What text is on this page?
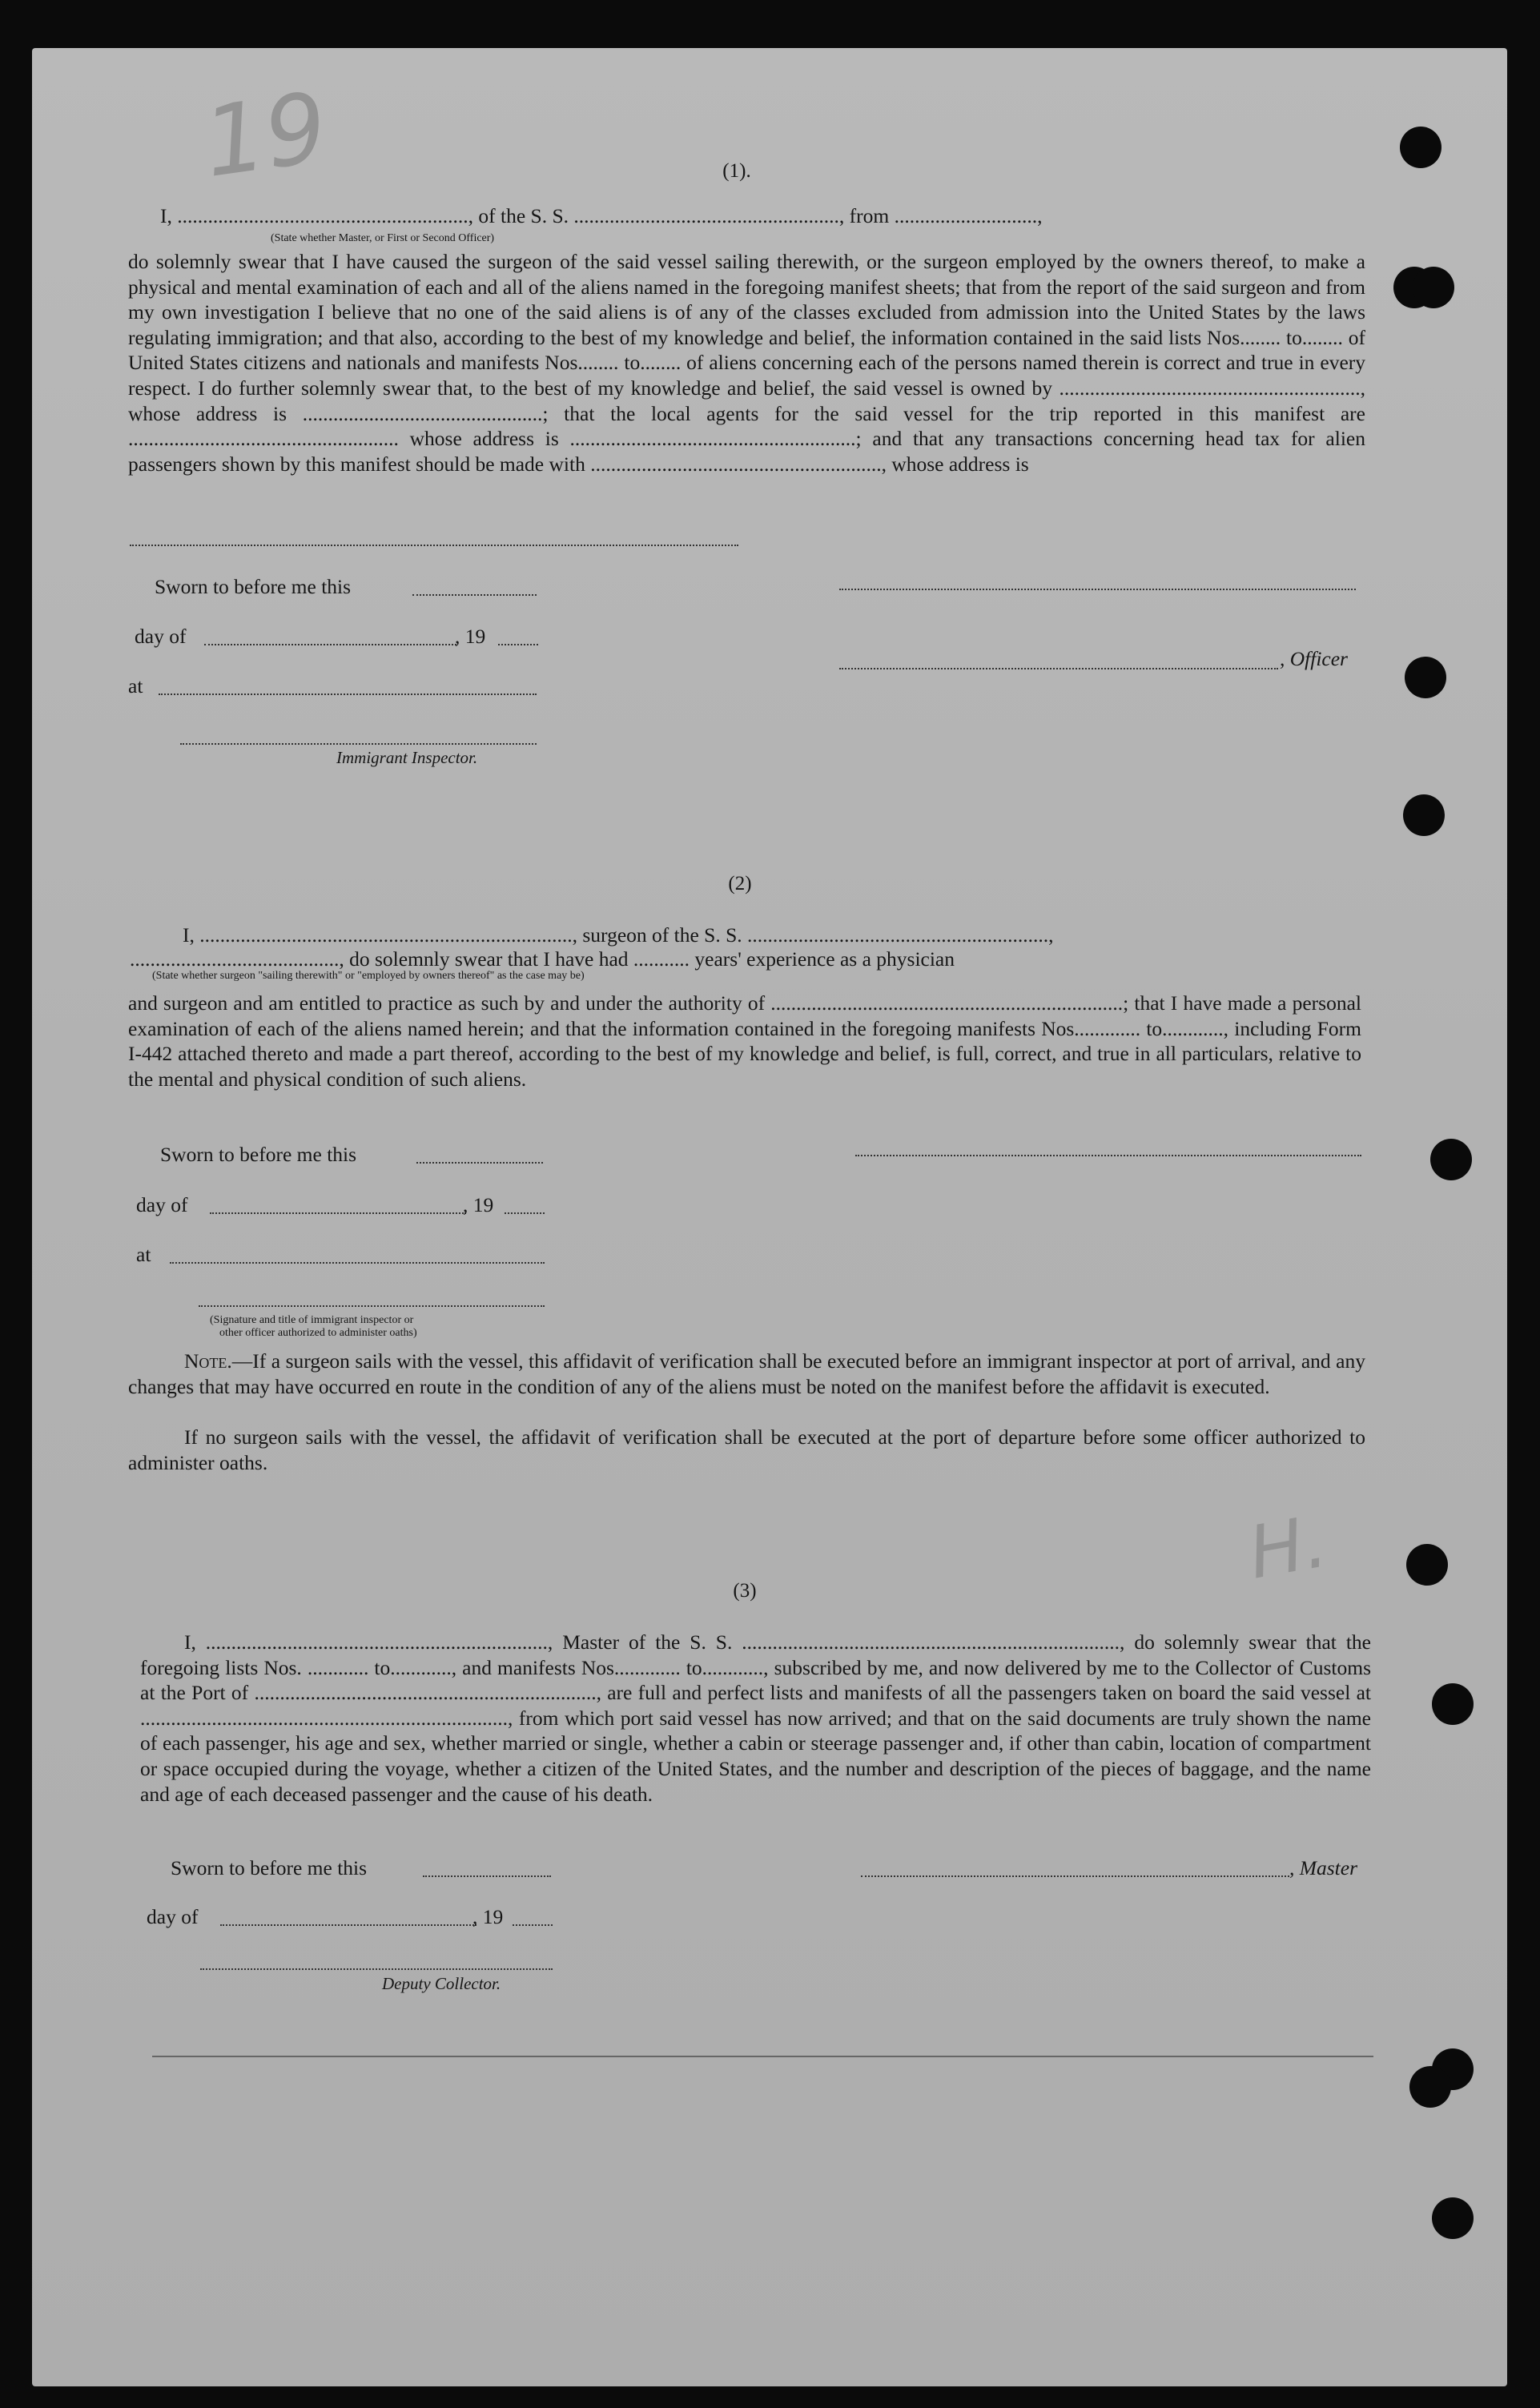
(1).

I, ........................................................., of the S. S. ...................................................., from ............................,

(State whether Master, or First or Second Officer)

do solemnly swear that I have caused the surgeon of the said vessel sailing therewith, or the surgeon employed by the owners thereof, to make a physical and mental examination of each and all of the aliens named in the foregoing manifest sheets; that from the report of the said surgeon and from my own investigation I believe that no one of the said aliens is of any of the classes excluded from admission into the United States by the laws regulating immigration; and that also, according to the best of my knowledge and belief, the information contained in the said lists Nos........ to........ of United States citizens and nationals and manifests Nos........ to........ of aliens concerning each of the persons named therein is correct and true in every respect. I do further solemnly swear that, to the best of my knowledge and belief, the said vessel is owned by ..........................................................., whose address is ...............................................; that the local agents for the said vessel for the trip reported in this manifest are ..................................................... whose address is ........................................................; and that any transactions concerning head tax for alien passengers shown by this manifest should be made with ........................................................., whose address is

Sworn to before me this

day of	, 19

, Officer

at

Immigrant Inspector.
(2)

I, ........................................................................., surgeon of the S. S. ...........................................................,

........................................., do solemnly swear that I have had ........... years' experience as a physician

(State whether surgeon "sailing therewith" or "employed by owners thereof" as the case may be)

and surgeon and am entitled to practice as such by and under the authority of .....................................................................; that I have made a personal examination of each of the aliens named herein; and that the information contained in the foregoing manifests Nos............. to............, including Form I-442 attached thereto and made a part thereof, according to the best of my knowledge and belief, is full, correct, and true in all particulars, relative to the mental and physical condition of such aliens.

Sworn to before me this

day of	, 19

at

(Signature and title of immigrant inspector or
other officer authorized to administer oaths)

Note.—If a surgeon sails with the vessel, this affidavit of verification shall be executed before an immigrant inspector at port of arrival, and any changes that may have occurred en route in the condition of any of the aliens must be noted on the manifest before the affidavit is executed.

If no surgeon sails with the vessel, the affidavit of verification shall be executed at the port of departure before some officer authorized to administer oaths.

(3)

I, ..................................................................., Master of the S. S. .........................................................................., do solemnly swear that the foregoing lists Nos. ............ to............, and manifests Nos............. to............, subscribed by me, and now delivered by me to the Collector of Customs at the Port of ..................................................................., are full and perfect lists and manifests of all the passengers taken on board the said vessel at ........................................................................, from which port said vessel has now arrived; and that on the said documents are truly shown the name of each passenger, his age and sex, whether married or single, whether a cabin or steerage passenger and, if other than cabin, location of compartment or space occupied during the voyage, whether a citizen of the United States, and the number and description of the pieces of baggage, and the name and age of each deceased passenger and the cause of his death.

Sworn to before me this	, Master

day of	, 19

Deputy Collector.
19
H.
